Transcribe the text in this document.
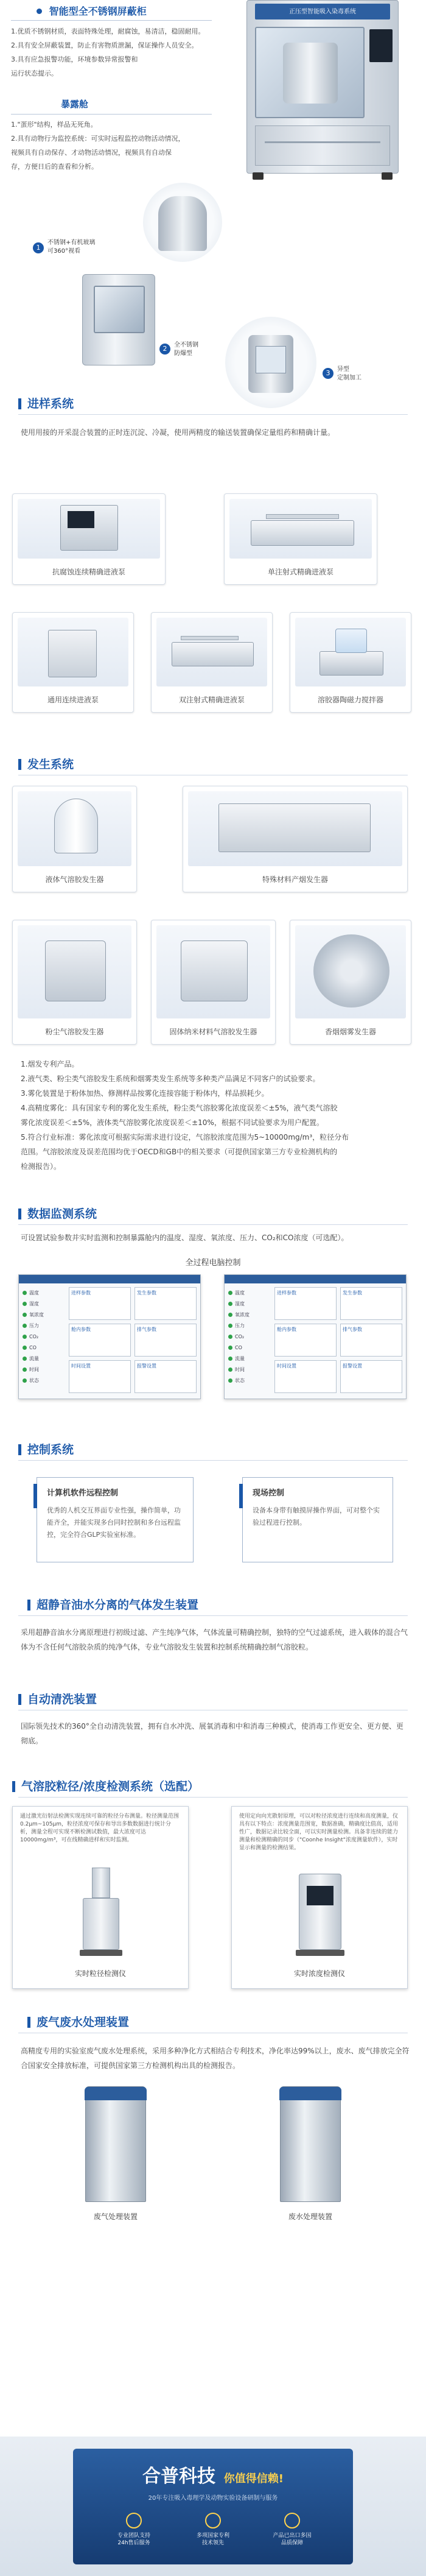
智能型全不锈钢屏蔽柜

1.优质不锈钢材质，表面特殊处理，耐腐蚀，易清洁，稳固耐用。

2.具有安全屏蔽装置，防止有害物质泄漏，保证操作人员安全。

3.具有应急报警功能，环境参数异常报警和

运行状态提示。

正压型智能吸入染毒系统
暴露舱

1."蛋形"结构，样品无死角。

2.具有动物行为监控系统：可实时远程监控动物活动情况，

视频具有自动保存、才动物活动情况，视频具有自动保

存，方便日后的查看和分析。

1
不锈钢+有机玻璃
可360°视看
2	全不锈钢
防爆型
3	异型
定制加工
进样系统
使用用接的开采混合装置的正时连沉淀、冷凝，使用两精度的输送装置确保定量组药和精确计量。
抗腐蚀连续精确进液泵	单注射式精确进液泵
通用连续进液泵	双注射式精确进液泵	溶胶器陶磁力搅拌器
发生系统
液体气溶胶发生器	特殊材料产烟发生器
粉尘气溶胶发生器	固体纳米材料气溶胶发生器	香烟烟雾发生器

1.烟发专利产品。

2.液气类、粉尘类气溶胶发生系统和烟雾类发生系统等多种类产品满足不同客户的试验要求。

3.雾化装置是于粉体加热、修测样品按雾化连接容能于粉体内，样品损耗少。

4.高精度雾化：具有国家专利的雾化发生系统，粉尘类气溶胶雾化浓度误差＜±5%，液气类气溶胶

雾化浓度误差＜±5%，液体类气溶胶雾化浓度误差＜±10%，根据不同试验要求为用户配置。

5.符合行业标准：雾化浓度可根据实际需求进行设定，气溶胶浓度范围为5~10000mg/m³，粒径分布

范围。气溶胶浓度及误差范围均优于OECD和GB中的相关要求（可提供国家第三方专业检测机构的

检测报告）。

数据监测系统
可设置试验参数并实时监测和控制暴露舱内的温度、湿度、氧浓度、压力、CO₂和CO浓度（可选配）。
全过程电脑控制
温度
湿度
氧浓度
压力
CO₂
CO
流量
时间
状态
进样参数	发生参数
舱内参数	排气参数
时间设置	报警设置
温度
湿度
氧浓度
压力
CO₂
CO
流量
时间
状态
进样参数	发生参数
舱内参数	排气参数
时间设置	报警设置
控制系统
计算机软件远程控制
优秀的人机交互界面专业性强，操作简单，功能齐全，并能实现多台同时控制和多台远程监控，完全符合GLP实验室标准。
现场控制
设备本身带有触摸屏操作界面，可对整个实验过程进行控制。
超静音油水分离的气体发生装置
采用超静音油水分离原理进行初级过滤、产生纯净气体，气体流量可精确控制，独特的空气过滤系统，进入载体的混合气体为不含任何气溶胶杂质的纯净气体，专业气溶胶发生装置和控制系统精确控制气溶胶粒。
自动清洗装置
国际领先技术的360°全自动清洗装置，拥有自水冲洗、展氧消毒和中和消毒三种模式，使消毒工作更安全、更方便、更彻底。
气溶胶粒径/浓度检测系统（选配）
通过激光衍射法检测实现连续可靠的粒径分布测量。粒径测量范围0.2μm~105μm，粒径浓度可保存和导出多数数据进行统计分析，测量全程可实现不断检测试数值，最大浓度可达10000mg/m³，可在线精确进样和实时监测。
实时粒径检测仪
使用定向向光散射原理，可以对粒径浓度进行连续和高度测量，仪具有以下特点：浓度测量范围宽，数据准确，精确度比值高，适用性广，数据记录比较全面，可以实时测量检测。具备非连续的能力测量和检测精确的同步（"Coonhe Insight"浓度测量软件），实时显示和测量的检测结果。
实时浓度检测仪
废气废水处理装置
高精度专用的实验室废气废水处理系统，采用多种净化方式相结合专利技术，净化率达99%以上，废水、废气排放完全符合国家安全排放标准，可提供国家第三方检测机构出具的检测报告。
废气处理装置	废水处理装置
合普科技 你值得信赖!
20年专注吸入毒理学及动物实验设备研制与服务
专业团队支持
24h售后服务
多项国家专利
技术领先
产品已出口多国
品质保障
